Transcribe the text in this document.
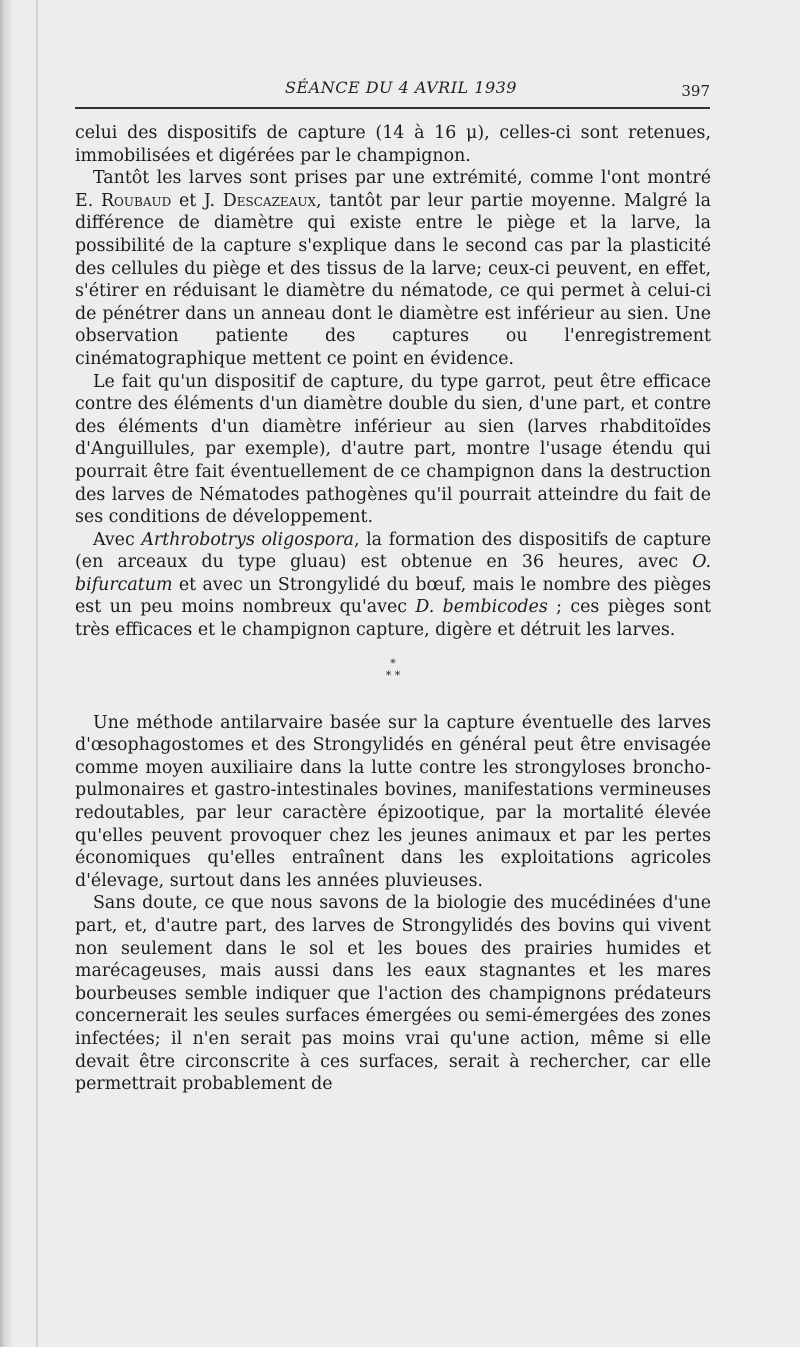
SÉANCE DU 4 AVRIL 1939	397

celui des dispositifs de capture (14 à 16 μ), celles-ci sont retenues, immobilisées et digérées par le champignon.

Tantôt les larves sont prises par une extrémité, comme l'ont montré E. Roubaud et J. Descazeaux, tantôt par leur partie moyenne. Malgré la différence de diamètre qui existe entre le piège et la larve, la possibilité de la capture s'explique dans le second cas par la plasticité des cellules du piège et des tissus de la larve; ceux-ci peuvent, en effet, s'étirer en réduisant le diamètre du nématode, ce qui permet à celui-ci de pénétrer dans un anneau dont le diamètre est inférieur au sien. Une observation patiente des captures ou l'enregistrement cinématographique mettent ce point en évidence.

Le fait qu'un dispositif de capture, du type garrot, peut être efficace contre des éléments d'un diamètre double du sien, d'une part, et contre des éléments d'un diamètre inférieur au sien (larves rhabditoïdes d'Anguillules, par exemple), d'autre part, montre l'usage étendu qui pourrait être fait éventuellement de ce champignon dans la destruction des larves de Nématodes pathogènes qu'il pourrait atteindre du fait de ses conditions de développement.

Avec Arthrobotrys oligospora, la formation des dispositifs de capture (en arceaux du type gluau) est obtenue en 36 heures, avec O. bifurcatum et avec un Strongylidé du bœuf, mais le nombre des pièges est un peu moins nombreux qu'avec D. bembicodes ; ces pièges sont très efficaces et le champignon capture, digère et détruit les larves.

*
* *

Une méthode antilarvaire basée sur la capture éventuelle des larves d'œsophagostomes et des Strongylidés en général peut être envisagée comme moyen auxiliaire dans la lutte contre les strongyloses broncho-pulmonaires et gastro-intestinales bovines, manifestations vermineuses redoutables, par leur caractère épizootique, par la mortalité élevée qu'elles peuvent provoquer chez les jeunes animaux et par les pertes économiques qu'elles entraînent dans les exploitations agricoles d'élevage, surtout dans les années pluvieuses.

Sans doute, ce que nous savons de la biologie des mucédinées d'une part, et, d'autre part, des larves de Strongylidés des bovins qui vivent non seulement dans le sol et les boues des prairies humides et marécageuses, mais aussi dans les eaux stagnantes et les mares bourbeuses semble indiquer que l'action des champignons prédateurs concernerait les seules surfaces émergées ou semi-émergées des zones infectées; il n'en serait pas moins vrai qu'une action, même si elle devait être circonscrite à ces surfaces, serait à rechercher, car elle permettrait probablement de
